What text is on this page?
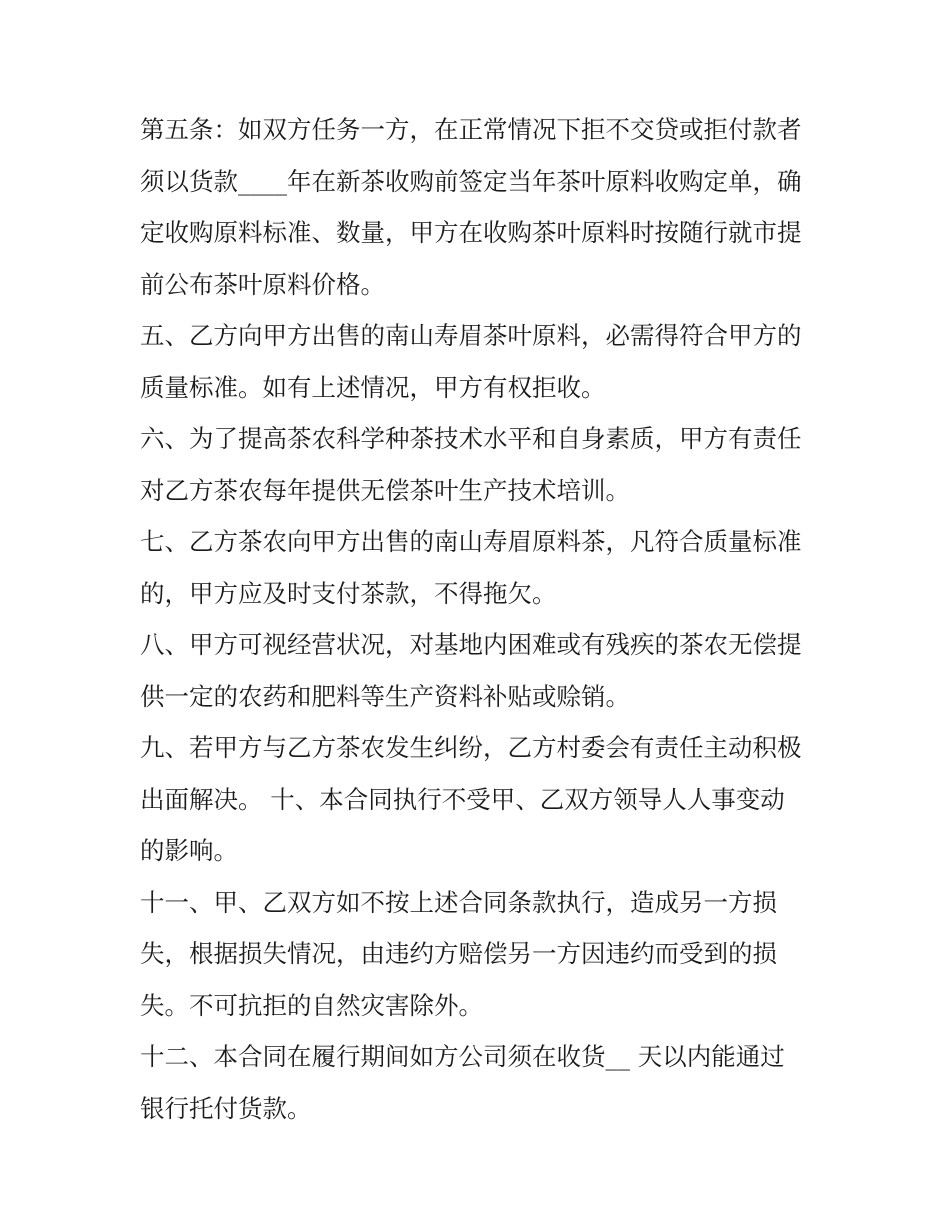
第五条：如双方任务一方，在正常情况下拒不交贷或拒付款者
须以货款____年在新茶收购前签定当年茶叶原料收购定单，确
定收购原料标准、数量，甲方在收购茶叶原料时按随行就市提
前公布茶叶原料价格。

五、乙方向甲方出售的南山寿眉茶叶原料，必需得符合甲方的
质量标准。如有上述情况，甲方有权拒收。

六、为了提高茶农科学种茶技术水平和自身素质，甲方有责任
对乙方茶农每年提供无偿茶叶生产技术培训。

七、乙方茶农向甲方出售的南山寿眉原料茶，凡符合质量标准
的，甲方应及时支付茶款，不得拖欠。

八、甲方可视经营状况，对基地内困难或有残疾的茶农无偿提
供一定的农药和肥料等生产资料补贴或赊销。

九、若甲方与乙方茶农发生纠纷，乙方村委会有责任主动积极
出面解决。 十、本合同执行不受甲、乙双方领导人人事变动
的影响。

十一、甲、乙双方如不按上述合同条款执行，造成另一方损
失，根据损失情况，由违约方赔偿另一方因违约而受到的损
失。不可抗拒的自然灾害除外。

十二、本合同在履行期间如方公司须在收货__ 天以内能通过
银行托付货款。
